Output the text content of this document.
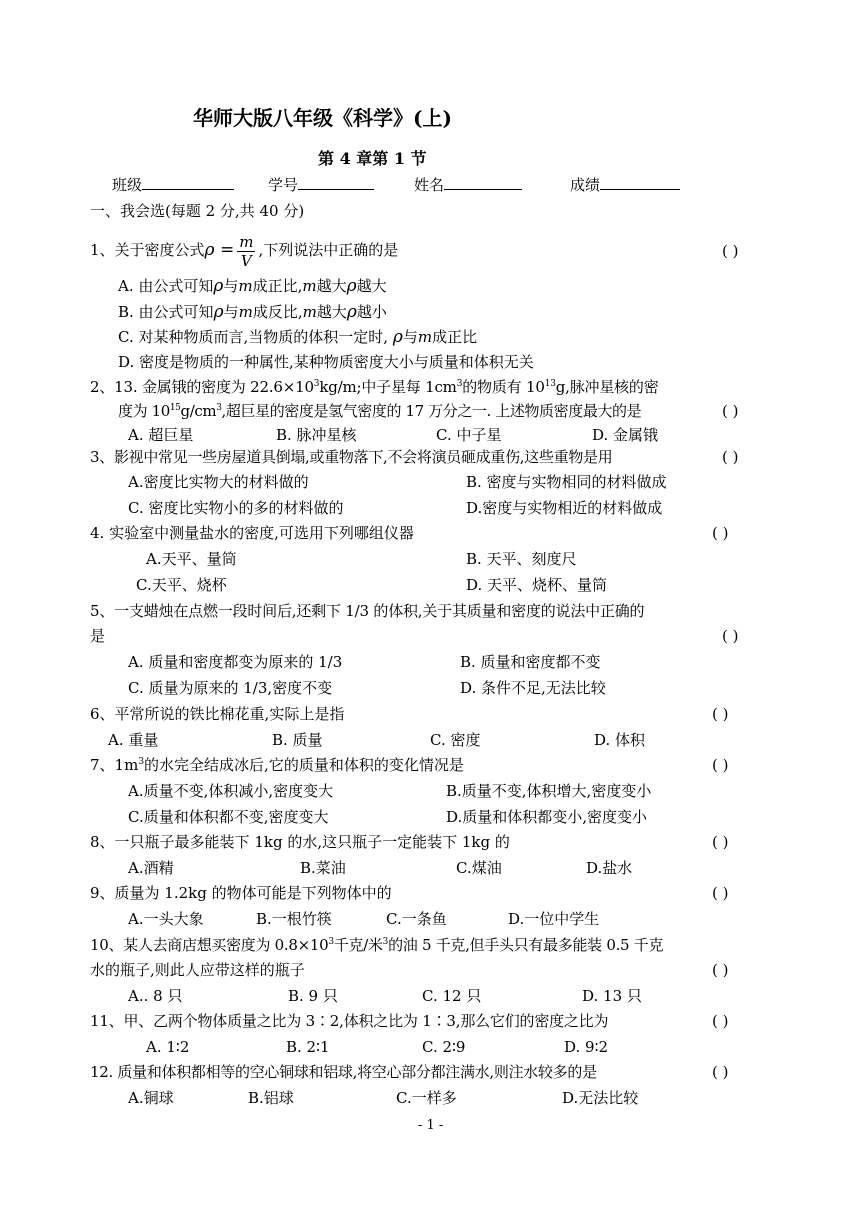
华师大版八年级《科学》(上)
第 4 章第 1 节
班级	学号	姓名	成绩
一、我会选(每题 2 分,共 40 分)
1、关于密度公式$\rho = \frac{m}{V}$ ,下列说法中正确的是	( )
A. 由公式可知ρ与m成正比,m越大ρ越大
B. 由公式可知ρ与m成反比,m越大ρ越小
C. 对某种物质而言,当物质的体积一定时, ρ与m成正比
D. 密度是物质的一种属性,某种物质密度大小与质量和体积无关
2、13. 金属锇的密度为 $22.6\times 10^3kg/m$;中子星每 $1cm^3$的物质有 $10^{13}g$,脉冲星核的密
度为 $10^{15}g/cm^3$,超巨星的密度是氢气密度的 17 万分之一. 上述物质密度最大的是	( )
A. 超巨星	B. 脉冲星核	C. 中子星	D. 金属锇
3、影视中常见一些房屋道具倒塌,或重物落下,不会将演员砸成重伤,这些重物是用	( )
A.密度比实物大的材料做的	B. 密度与实物相同的材料做成
C. 密度比实物小的多的材料做的	D.密度与实物相近的材料做成
4. 实验室中测量盐水的密度,可选用下列哪组仪器	( )
A.天平、量筒	B. 天平、刻度尺
C.天平、烧杯	D. 天平、烧杯、量筒
5、一支蜡烛在点燃一段时间后,还剩下 1/3 的体积,关于其质量和密度的说法中正确的
是	( )
A. 质量和密度都变为原来的 1/3	B. 质量和密度都不变
C. 质量为原来的 1/3,密度不变	D. 条件不足,无法比较
6、平常所说的铁比棉花重,实际上是指	( )
A. 重量	B. 质量	C. 密度	D. 体积
7、$1m^3$的水完全结成冰后,它的质量和体积的变化情况是	( )
A.质量不变,体积减小,密度变大	B.质量不变,体积增大,密度变小
C.质量和体积都不变,密度变大	D.质量和体积都变小,密度变小
8、一只瓶子最多能装下 1kg 的水,这只瓶子一定能装下 1kg 的	( )
A.酒精	B.菜油	C.煤油	D.盐水
9、质量为 1.2kg 的物体可能是下列物体中的	( )
A.一头大象	B.一根竹筷	C.一条鱼	D.一位中学生
10、某人去商店想买密度为 $0.8\times 10^3$千克/米$^3$的油 5 千克,但手头只有最多能装 0.5 千克
水的瓶子,则此人应带这样的瓶子	( )
A.. 8 只	B. 9 只	C. 12 只	D. 13 只
11、甲、乙两个物体质量之比为 3∶2,体积之比为 1∶3,那么它们的密度之比为	( )
A. 1∶2	B. 2∶1	C. 2∶9	D. 9∶2
12. 质量和体积都相等的空心铜球和铝球,将空心部分都注满水,则注水较多的是	( )
A.铜球	B.铝球	C.一样多	D.无法比较
- 1 -
